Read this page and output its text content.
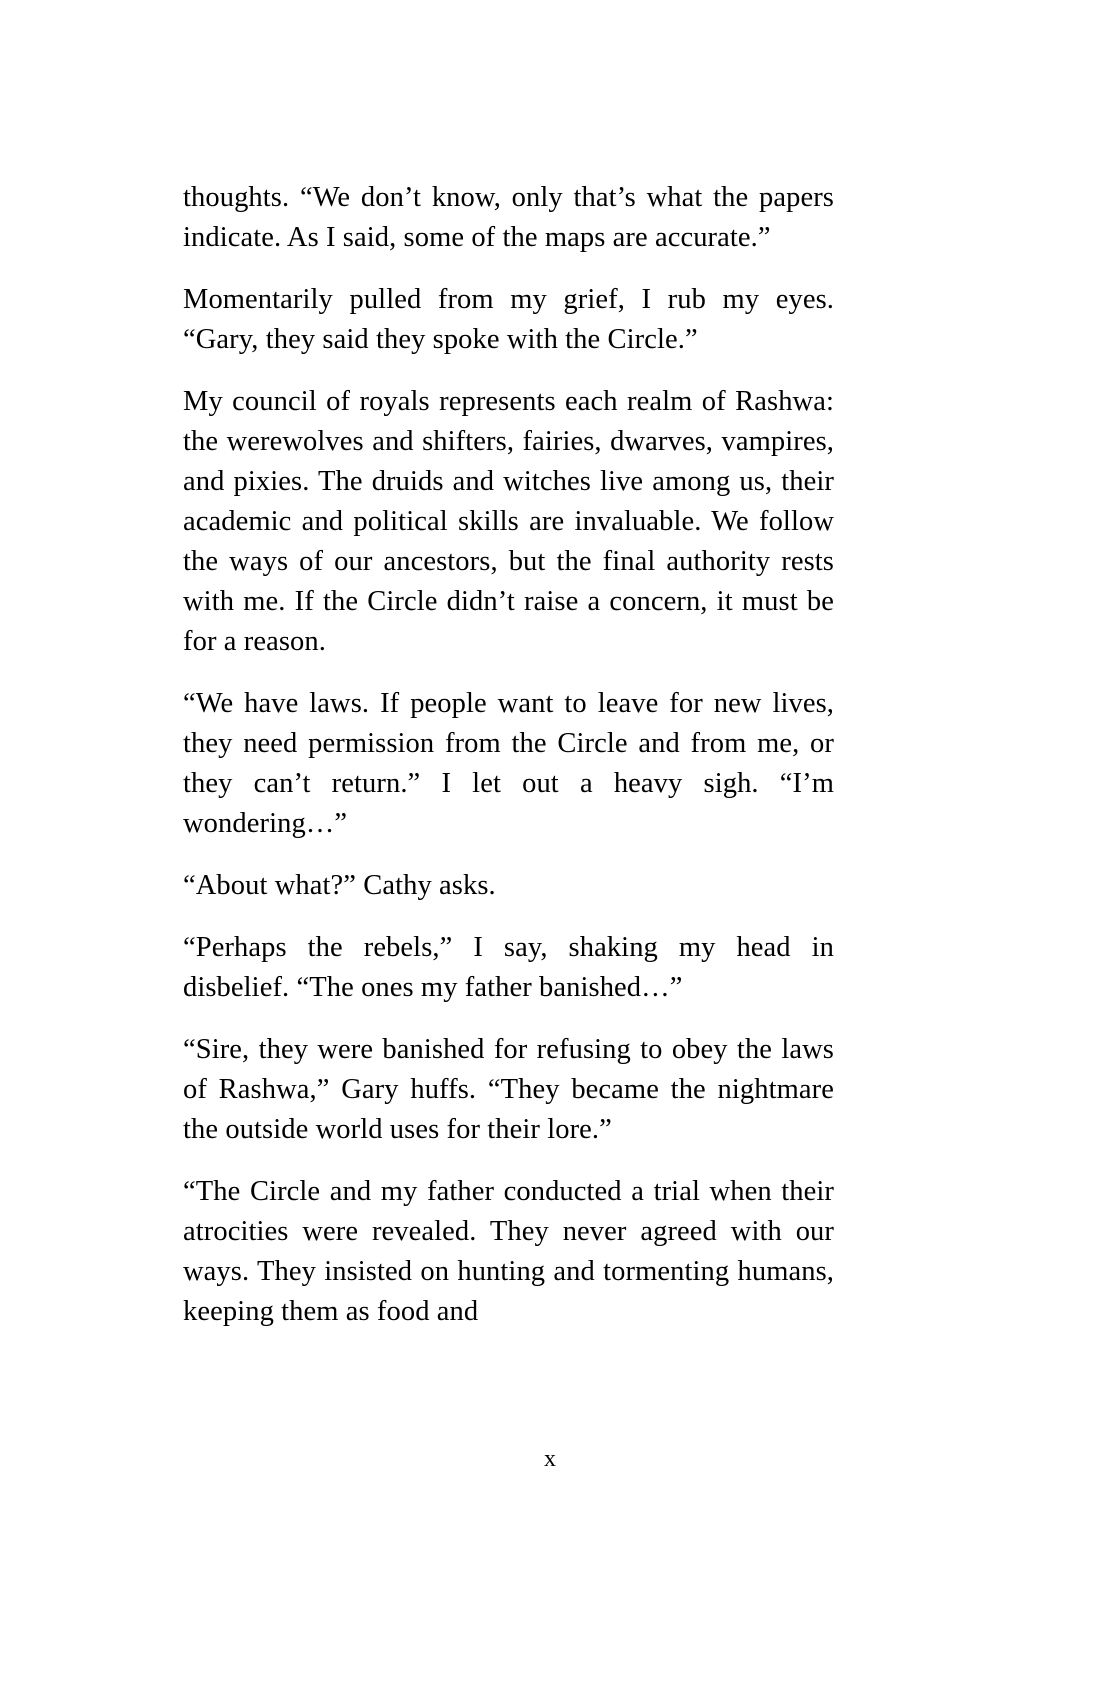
thoughts. “We don’t know, only that’s what the papers indicate. As I said, some of the maps are accurate.”

Momentarily pulled from my grief, I rub my eyes. “Gary, they said they spoke with the Circle.”

My council of royals represents each realm of Rashwa: the werewolves and shifters, fairies, dwarves, vampires, and pixies. The druids and witches live among us, their academic and political skills are invaluable. We follow the ways of our ancestors, but the final authority rests with me. If the Circle didn’t raise a concern, it must be for a reason.

“We have laws. If people want to leave for new lives, they need permission from the Circle and from me, or they can’t return.” I let out a heavy sigh. “I’m wondering…”

“About what?” Cathy asks.

“Perhaps the rebels,” I say, shaking my head in disbelief. “The ones my father banished…”

“Sire, they were banished for refusing to obey the laws of Rashwa,” Gary huffs. “They became the nightmare the outside world uses for their lore.”

“The Circle and my father conducted a trial when their atrocities were revealed. They never agreed with our ways. They insisted on hunting and tormenting humans, keeping them as food and

x
